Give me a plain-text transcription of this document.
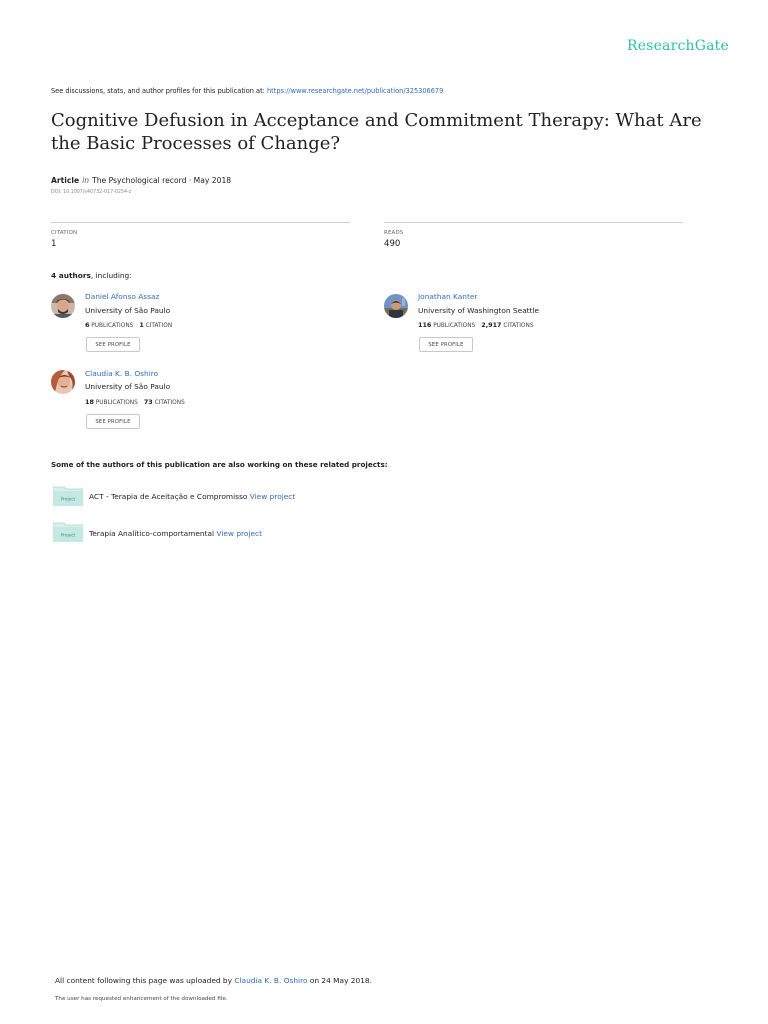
ResearchGate
See discussions, stats, and author profiles for this publication at: https://www.researchgate.net/publication/325306679
Cognitive Defusion in Acceptance and Commitment Therapy: What Are the Basic Processes of Change?
Article in The Psychological record · May 2018
DOI: 10.1007/s40732-017-0254-z
CITATION
1
READS
490
4 authors, including:
Daniel Afonso Assaz
University of São Paulo
6 PUBLICATIONS 1 CITATION
SEE PROFILE
Jonathan Kanter
University of Washington Seattle
116 PUBLICATIONS 2,917 CITATIONS
SEE PROFILE
Claudia K. B. Oshiro
University of São Paulo
18 PUBLICATIONS 73 CITATIONS
SEE PROFILE
Some of the authors of this publication are also working on these related projects:
Project ACT - Terapia de Aceitação e Compromisso View project
Project Terapia Analítico-comportamental View project
All content following this page was uploaded by Claudia K. B. Oshiro on 24 May 2018.
The user has requested enhancement of the downloaded file.
